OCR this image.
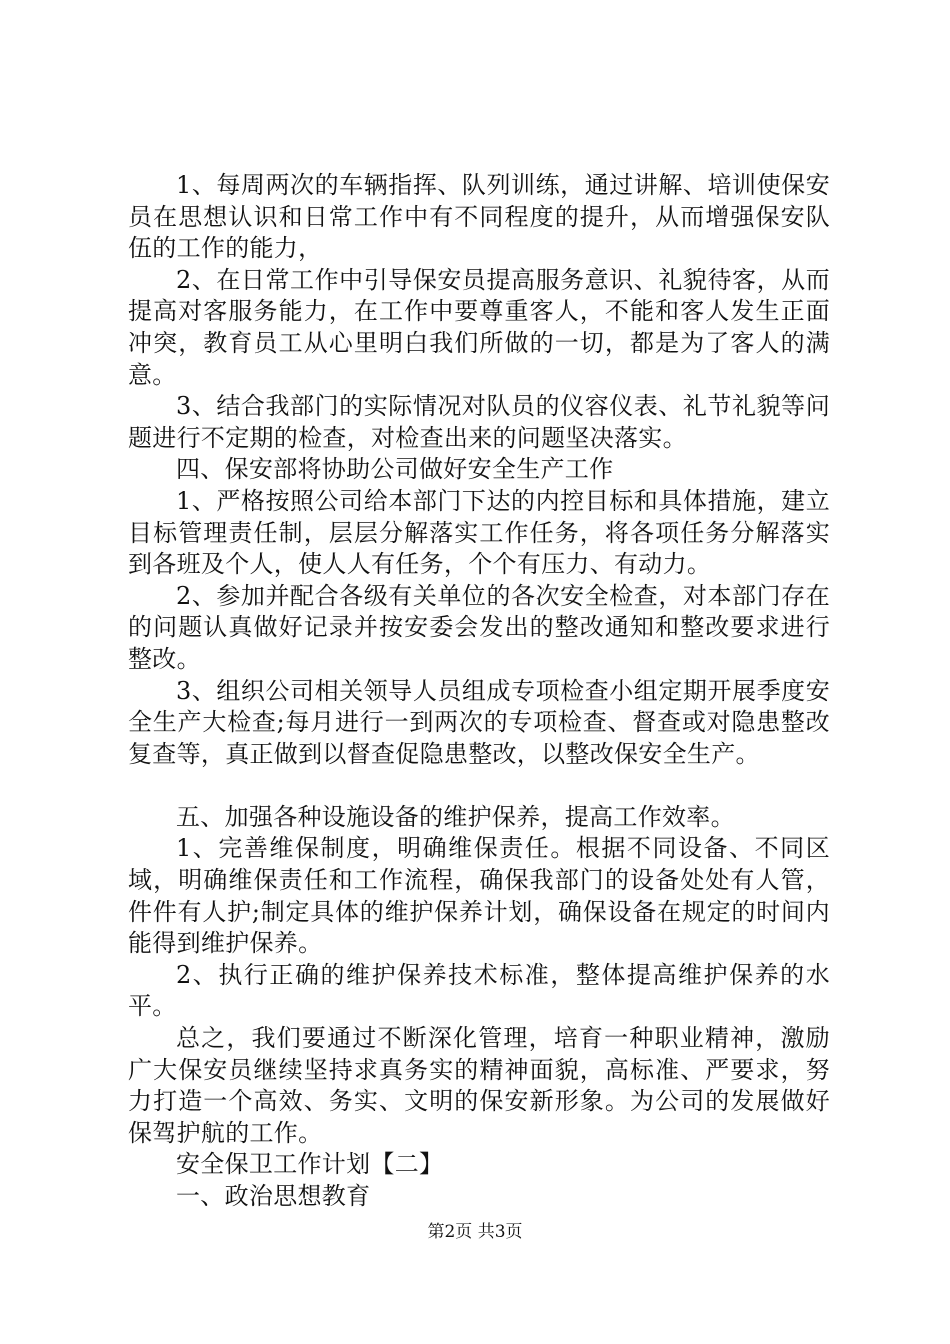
1、每周两次的车辆指挥、队列训练，通过讲解、培训使保安员在思想认识和日常工作中有不同程度的提升，从而增强保安队伍的工作的能力，

2、在日常工作中引导保安员提高服务意识、礼貌待客，从而提高对客服务能力，在工作中要尊重客人，不能和客人发生正面冲突，教育员工从心里明白我们所做的一切，都是为了客人的满意。

3、结合我部门的实际情况对队员的仪容仪表、礼节礼貌等问题进行不定期的检查，对检查出来的问题坚决落实。

四、保安部将协助公司做好安全生产工作

1、严格按照公司给本部门下达的内控目标和具体措施，建立目标管理责任制，层层分解落实工作任务，将各项任务分解落实到各班及个人，使人人有任务，个个有压力、有动力。

2、参加并配合各级有关单位的各次安全检查，对本部门存在的问题认真做好记录并按安委会发出的整改通知和整改要求进行整改。

3、组织公司相关领导人员组成专项检查小组定期开展季度安全生产大检查;每月进行一到两次的专项检查、督查或对隐患整改复查等，真正做到以督查促隐患整改，以整改保安全生产。

五、加强各种设施设备的维护保养，提高工作效率。

1、完善维保制度，明确维保责任。根据不同设备、不同区域，明确维保责任和工作流程，确保我部门的设备处处有人管，件件有人护;制定具体的维护保养计划，确保设备在规定的时间内能得到维护保养。

2、执行正确的维护保养技术标准，整体提高维护保养的水平。

总之，我们要通过不断深化管理，培育一种职业精神，激励广大保安员继续坚持求真务实的精神面貌，高标准、严要求，努力打造一个高效、务实、文明的保安新形象。为公司的发展做好保驾护航的工作。

安全保卫工作计划【二】

一、政治思想教育

第2页 共3页
